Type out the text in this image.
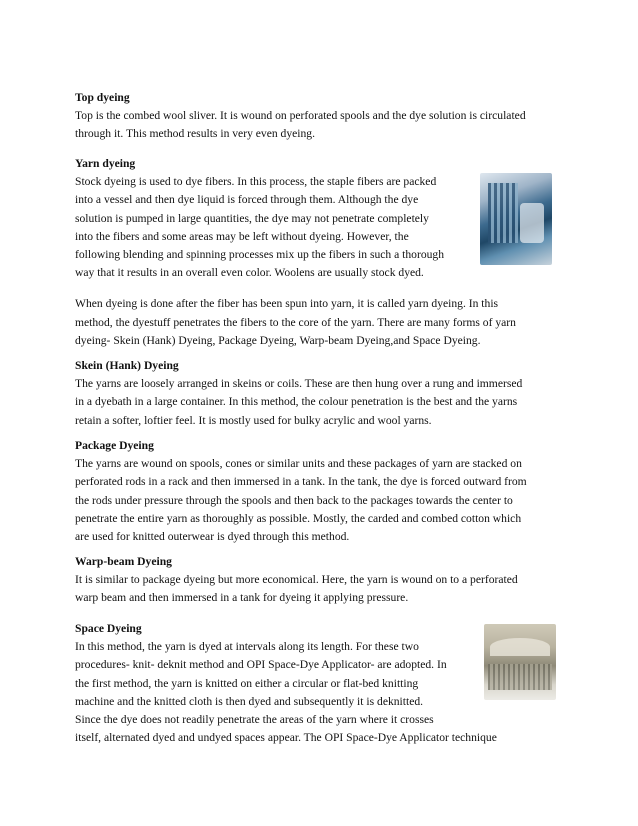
Top dyeing

Top is the combed wool sliver. It is wound on perforated spools and the dye solution is circulated
through it. This method results in very even dyeing.

Yarn dyeing

Stock dyeing is used to dye fibers. In this process, the staple fibers are packed
into a vessel and then dye liquid is forced through them. Although the dye
solution is pumped in large quantities, the dye may not penetrate completely
into the fibers and some areas may be left without dyeing. However, the
following blending and spinning processes mix up the fibers in such a thorough
way that it results in an overall even color. Woolens are usually stock dyed.

When dyeing is done after the fiber has been spun into yarn, it is called yarn dyeing. In this
method, the dyestuff penetrates the fibers to the core of the yarn. There are many forms of yarn
dyeing- Skein (Hank) Dyeing, Package Dyeing, Warp-beam Dyeing,and Space Dyeing.

Skein (Hank) Dyeing

The yarns are loosely arranged in skeins or coils. These are then hung over a rung and immersed
in a dyebath in a large container. In this method, the colour penetration is the best and the yarns
retain a softer, loftier feel. It is mostly used for bulky acrylic and wool yarns.

Package Dyeing

The yarns are wound on spools, cones or similar units and these packages of yarn are stacked on
perforated rods in a rack and then immersed in a tank. In the tank, the dye is forced outward from
the rods under pressure through the spools and then back to the packages towards the center to
penetrate the entire yarn as thoroughly as possible. Mostly, the carded and combed cotton which
are used for knitted outerwear is dyed through this method.

Warp-beam Dyeing

It is similar to package dyeing but more economical. Here, the yarn is wound on to a perforated
warp beam and then immersed in a tank for dyeing it applying pressure.

Space Dyeing

In this method, the yarn is dyed at intervals along its length. For these two
procedures- knit- deknit method and OPI Space-Dye Applicator- are adopted. In
the first method, the yarn is knitted on either a circular or flat-bed knitting
machine and the knitted cloth is then dyed and subsequently it is deknitted.
Since the dye does not readily penetrate the areas of the yarn where it crosses
itself, alternated dyed and undyed spaces appear. The OPI Space-Dye Applicator technique
